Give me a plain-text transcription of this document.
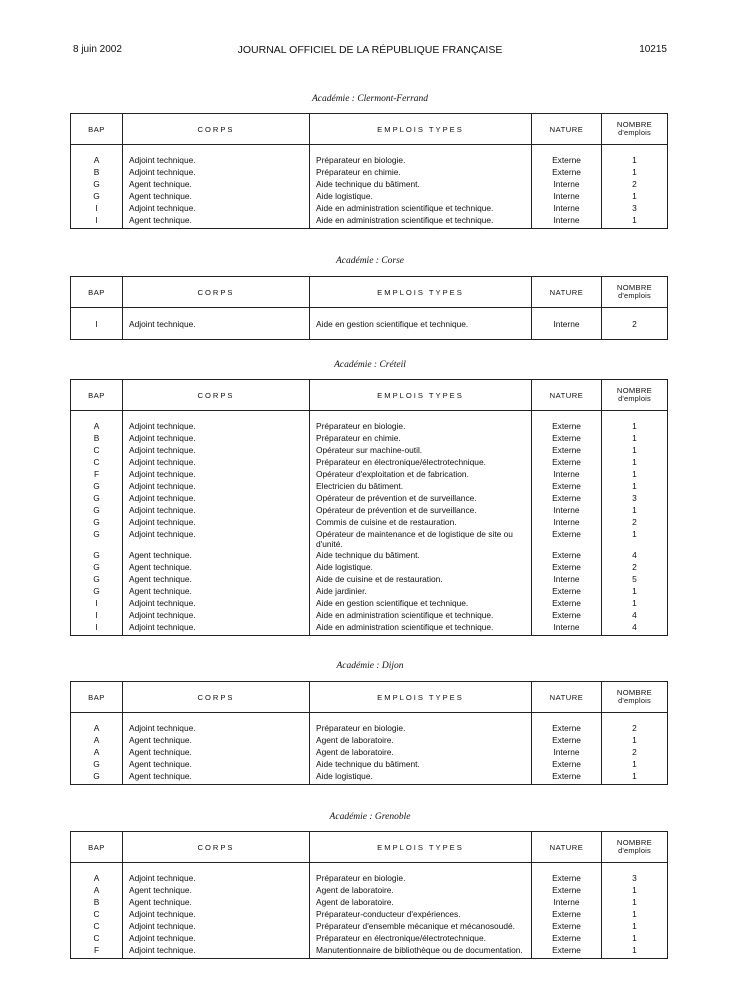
8 juin 2002	JOURNAL OFFICIEL DE LA RÉPUBLIQUE FRANÇAISE	10215
Académie : Clermont-Ferrand
BAP	CORPS	EMPLOIS TYPES	NATURE	NOMBRE
d'emplois

A	Adjoint technique.	Préparateur en biologie.	Externe	1
B	Adjoint technique.	Préparateur en chimie.	Externe	1
G	Agent technique.	Aide technique du bâtiment.	Interne	2
G	Agent technique.	Aide logistique.	Interne	1
I	Adjoint technique.	Aide en administration scientifique et technique.	Interne	3
I	Agent technique.	Aide en administration scientifique et technique.	Interne	1
Académie : Corse
BAP	CORPS	EMPLOIS TYPES	NATURE	NOMBRE
d'emplois

I	Adjoint technique.	Aide en gestion scientifique et technique.	Interne	2
Académie : Créteil
BAP	CORPS	EMPLOIS TYPES	NATURE	NOMBRE
d'emplois

A	Adjoint technique.	Préparateur en biologie.	Externe	1
B	Adjoint technique.	Préparateur en chimie.	Externe	1
C	Adjoint technique.	Opérateur sur machine-outil.	Externe	1
C	Adjoint technique.	Préparateur en électronique/électrotechnique.	Externe	1
F	Adjoint technique.	Opérateur d'exploitation et de fabrication.	Interne	1
G	Adjoint technique.	Electricien du bâtiment.	Externe	1
G	Adjoint technique.	Opérateur de prévention et de surveillance.	Externe	3
G	Adjoint technique.	Opérateur de prévention et de surveillance.	Interne	1
G	Adjoint technique.	Commis de cuisine et de restauration.	Interne	2
G	Adjoint technique.	Opérateur de maintenance et de logistique de site ou d'unité.	Externe	1
G	Agent technique.	Aide technique du bâtiment.	Externe	4
G	Agent technique.	Aide logistique.	Externe	2
G	Agent technique.	Aide de cuisine et de restauration.	Interne	5
G	Agent technique.	Aide jardinier.	Externe	1
I	Adjoint technique.	Aide en gestion scientifique et technique.	Externe	1
I	Adjoint technique.	Aide en administration scientifique et technique.	Externe	4
I	Adjoint technique.	Aide en administration scientifique et technique.	Interne	4
Académie : Dijon
BAP	CORPS	EMPLOIS TYPES	NATURE	NOMBRE
d'emplois

A	Adjoint technique.	Préparateur en biologie.	Externe	2
A	Agent technique.	Agent de laboratoire.	Externe	1
A	Agent technique.	Agent de laboratoire.	Interne	2
G	Agent technique.	Aide technique du bâtiment.	Externe	1
G	Agent technique.	Aide logistique.	Externe	1
Académie : Grenoble
BAP	CORPS	EMPLOIS TYPES	NATURE	NOMBRE
d'emplois

A	Adjoint technique.	Préparateur en biologie.	Externe	3
A	Agent technique.	Agent de laboratoire.	Externe	1
B	Agent technique.	Agent de laboratoire.	Interne	1
C	Adjoint technique.	Préparateur-conducteur d'expériences.	Externe	1
C	Adjoint technique.	Préparateur d'ensemble mécanique et mécanosoudé.	Externe	1
C	Adjoint technique.	Préparateur en électronique/électrotechnique.	Externe	1
F	Adjoint technique.	Manutentionnaire de bibliothèque ou de documentation.	Externe	1
